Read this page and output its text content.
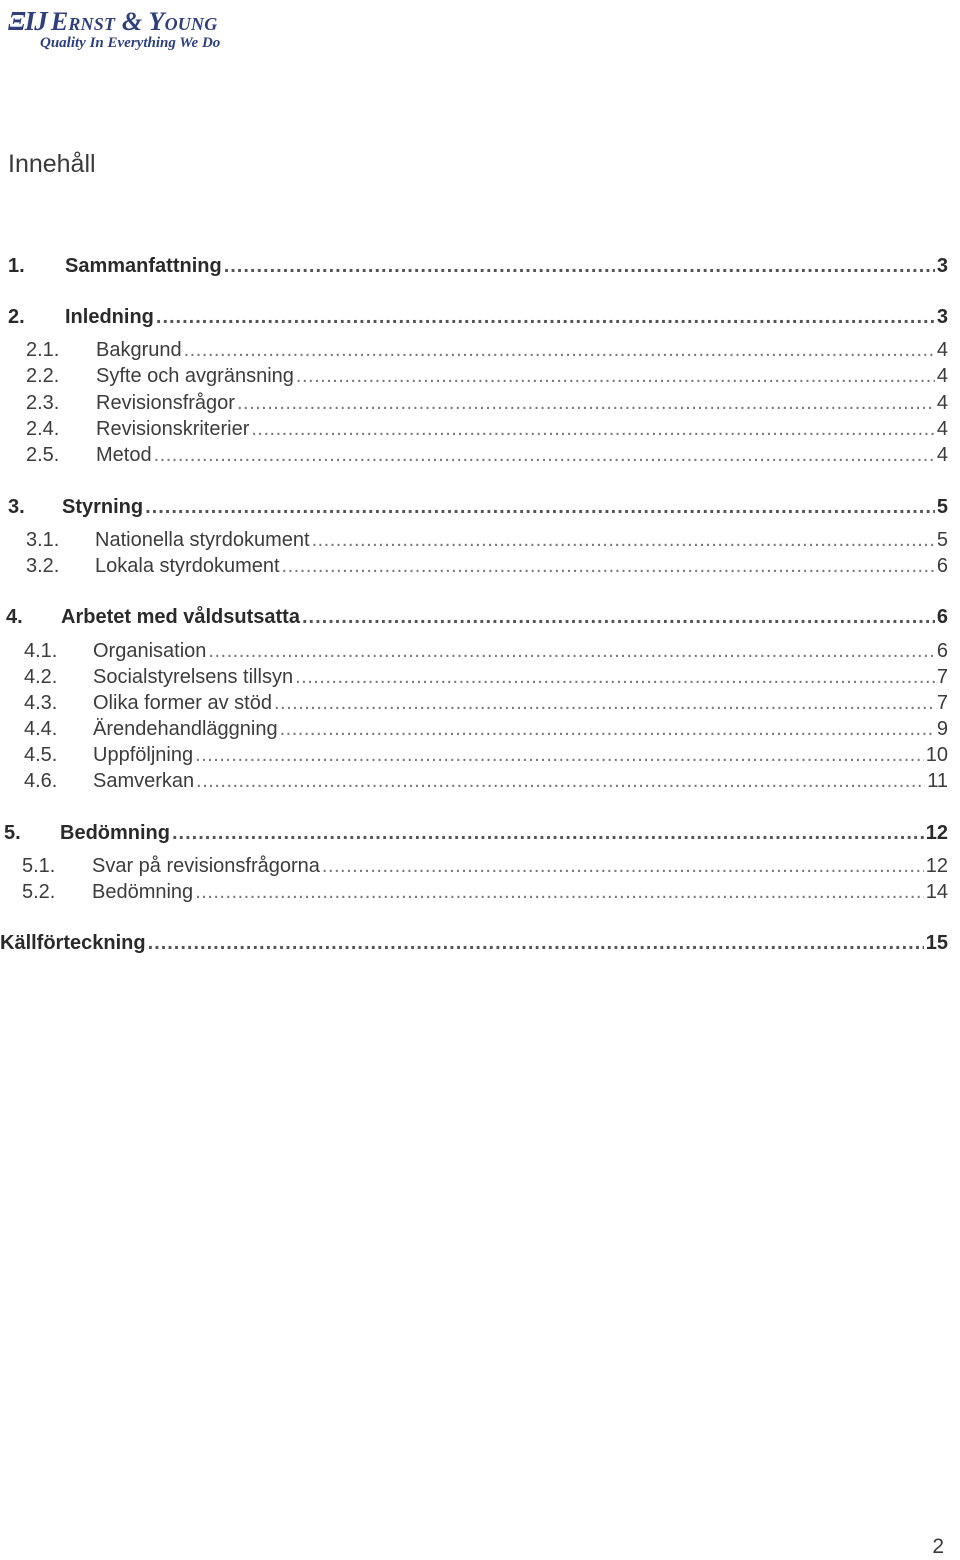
ΞIJ Ernst & Young
Quality In Everything We Do
Innehåll
1.	Sammanfattning .....	3
2.	Inledning .....	3
2.1.	Bakgrund .....	4
2.2.	Syfte och avgränsning .....	4
2.3.	Revisionsfrågor .....	4
2.4.	Revisionskriterier .....	4
2.5.	Metod .....	4
3.	Styrning .....	5
3.1.	Nationella styrdokument .....	5
3.2.	Lokala styrdokument .....	6
4.	Arbetet med våldsutsatta .....	6
4.1.	Organisation .....	6
4.2.	Socialstyrelsens tillsyn .....	7
4.3.	Olika former av stöd .....	7
4.4.	Ärendehandläggning .....	9
4.5.	Uppföljning .....	10
4.6.	Samverkan .....	11
5.	Bedömning .....	12
5.1.	Svar på revisionsfrågorna .....	12
5.2.	Bedömning .....	14
Källförteckning .....	15
2
